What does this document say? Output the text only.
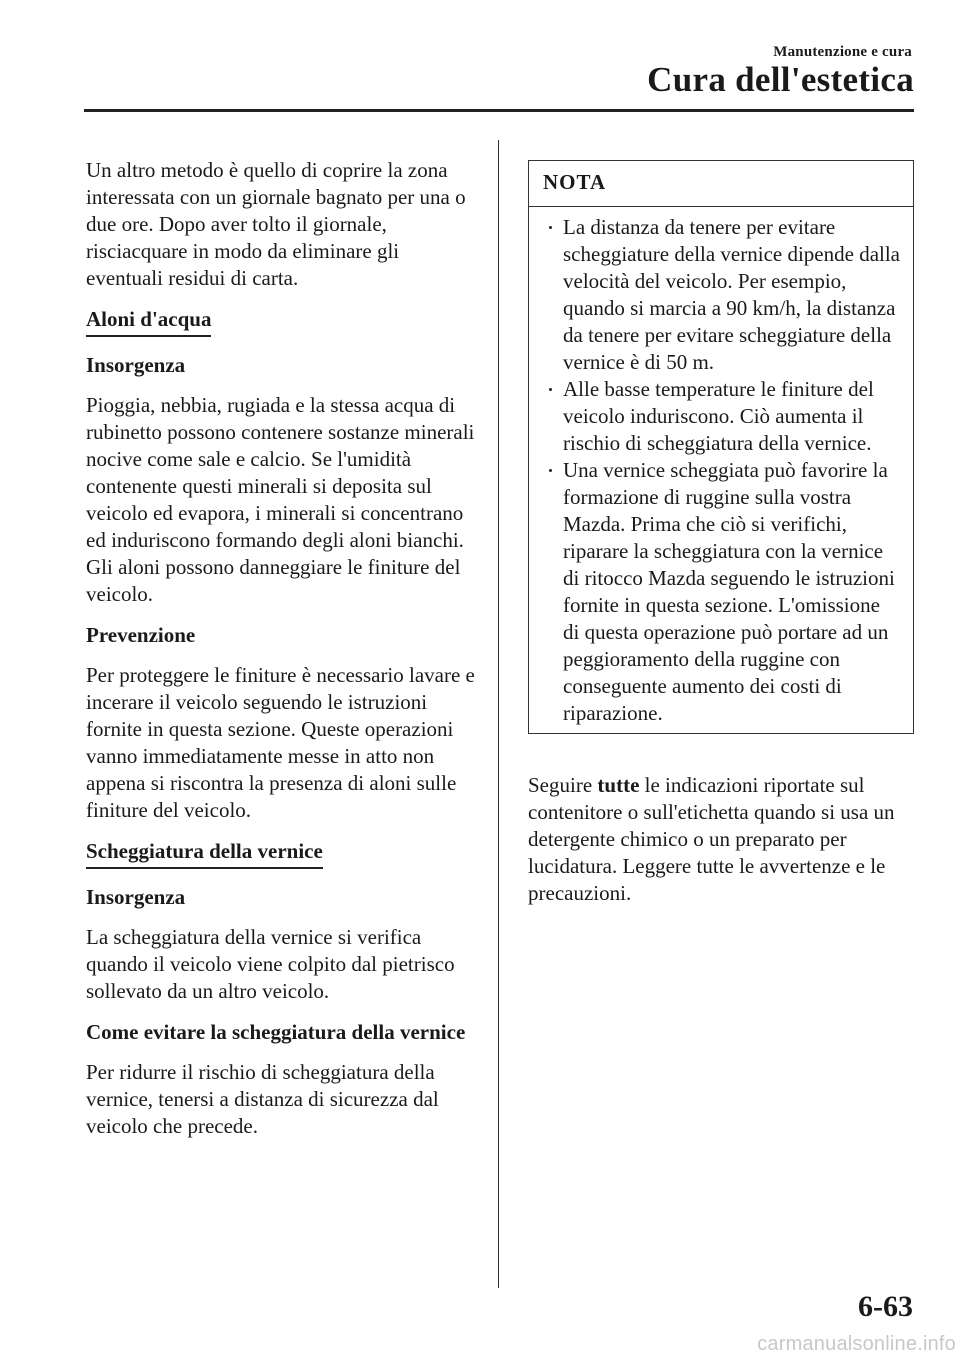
Manutenzione e cura
Cura dell'estetica

Un altro metodo è quello di coprire la zona interessata con un giornale bagnato per una o due ore. Dopo aver tolto il giornale, risciacquare in modo da eliminare gli eventuali residui di carta.

Aloni d'acqua
Insorgenza

Pioggia, nebbia, rugiada e la stessa acqua di rubinetto possono contenere sostanze minerali nocive come sale e calcio. Se l'umidità contenente questi minerali si deposita sul veicolo ed evapora, i minerali si concentrano ed induriscono formando degli aloni bianchi. Gli aloni possono danneggiare le finiture del veicolo.

Prevenzione

Per proteggere le finiture è necessario lavare e incerare il veicolo seguendo le istruzioni fornite in questa sezione. Queste operazioni vanno immediatamente messe in atto non appena si riscontra la presenza di aloni sulle finiture del veicolo.

Scheggiatura della vernice
Insorgenza

La scheggiatura della vernice si verifica quando il veicolo viene colpito dal pietrisco sollevato da un altro veicolo.

Come evitare la scheggiatura della vernice

Per ridurre il rischio di scheggiatura della vernice, tenersi a distanza di sicurezza dal veicolo che precede.

NOTA
La distanza da tenere per evitare scheggiature della vernice dipende dalla velocità del veicolo. Per esempio, quando si marcia a 90 km/h, la distanza da tenere per evitare scheggiature della vernice è di 50 m.
Alle basse temperature le finiture del veicolo induriscono. Ciò aumenta il rischio di scheggiatura della vernice.
Una vernice scheggiata può favorire la formazione di ruggine sulla vostra Mazda. Prima che ciò si verifichi, riparare la scheggiatura con la vernice di ritocco Mazda seguendo le istruzioni fornite in questa sezione. L'omissione di questa operazione può portare ad un peggioramento della ruggine con conseguente aumento dei costi di riparazione.

Seguire tutte le indicazioni riportate sul contenitore o sull'etichetta quando si usa un detergente chimico o un preparato per lucidatura. Leggere tutte le avvertenze e le precauzioni.

6-63
carmanualsonline.info
